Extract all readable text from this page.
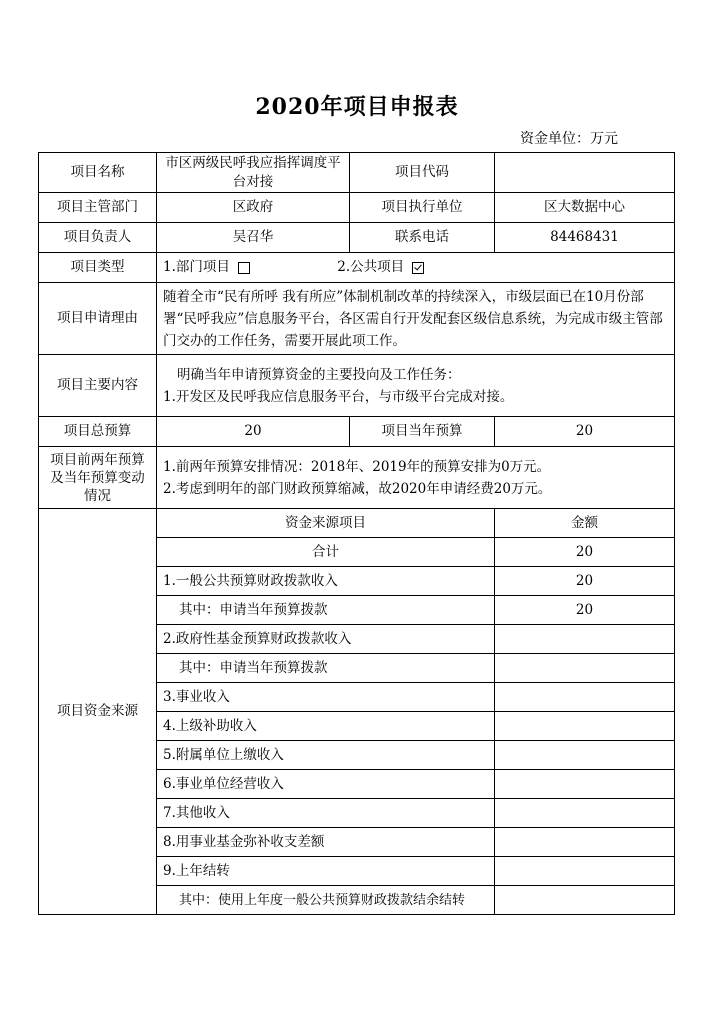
2020年项目申报表
资金单位：万元
项目名称	市区两级民呼我应指挥调度平台对接	项目代码	
项目主管部门	区政府	项目执行单位	区大数据中心
项目负责人	吴召华	联系电话	84468431
项目类型	1.部门项目 2.公共项目		
项目申请理由	随着全市“民有所呼 我有所应”体制机制改革的持续深入，市级层面已在10月份部署“民呼我应”信息服务平台，各区需自行开发配套区级信息系统，为完成市级主管部门交办的工作任务，需要开展此项工作。		
项目主要内容	明确当年申请预算资金的主要投向及工作任务：
1.开发区及民呼我应信息服务平台，与市级平台完成对接。		

项目总预算	20	项目当年预算	20
项目前两年预算及当年预算变动情况	1.前两年预算安排情况：2018年、2019年的预算安排为0万元。
2.考虑到明年的部门财政预算缩减，故2020年申请经费20万元。		

项目资金来源	资金来源项目		金额
	合计		20
	1.一般公共预算财政拨款收入		20
	其中：申请当年预算拨款		20
	2.政府性基金预算财政拨款收入		
	其中：申请当年预算拨款		
	3.事业收入		
	4.上级补助收入		
	5.附属单位上缴收入		
	6.事业单位经营收入		
	7.其他收入		
	8.用事业基金弥补收支差额		
	9.上年结转		
	其中：使用上年度一般公共预算财政拨款结余结转		
